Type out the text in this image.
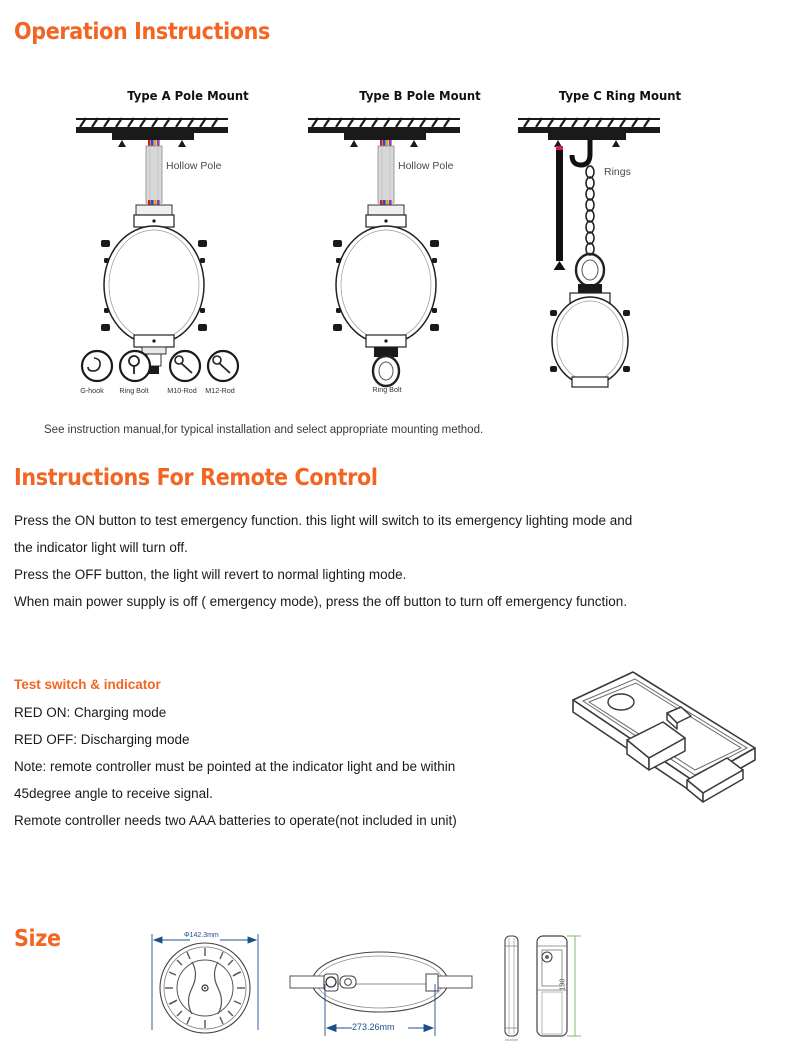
Operation Instructions
Type A Pole Mount
Hollow Pole
G-hook	Ring Bolt	M10-Rod	M12-Rod
Type B Pole Mount
Hollow Pole
Ring Bolt
Type C Ring Mount
Rings
See instruction manual,for typical installation and select appropriate mounting method.
Instructions For Remote Control
Press the ON button to test emergency function. this light will switch to its emergency lighting mode and
the indicator light will turn off.
Press the OFF button, the light will revert to normal lighting mode.
When main power supply is off ( emergency mode), press the off button to turn off emergency function.
Test switch & indicator
RED ON: Charging mode
RED OFF: Discharging mode
Note: remote controller must be pointed at the indicator light and be within
45degree angle to receive signal.
Remote controller needs two AAA batteries to operate(not included in unit)
Size	Φ142.3mm
273.26mm
130
